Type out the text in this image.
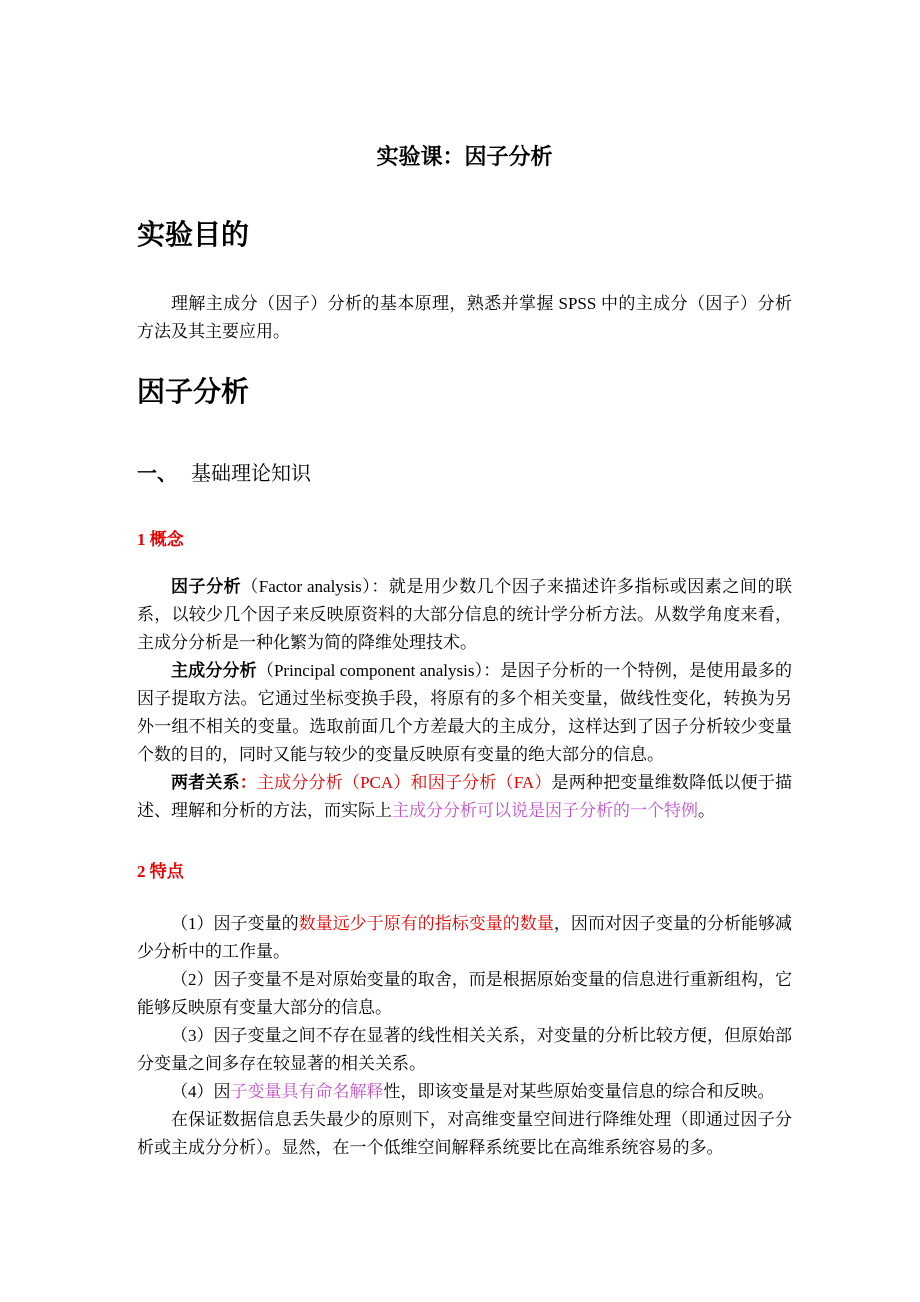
实验课：因子分析
实验目的

理解主成分（因子）分析的基本原理，熟悉并掌握 SPSS 中的主成分（因子）分析方法及其主要应用。

因子分析
一、 基础理论知识
1 概念

因子分析（Factor analysis）：就是用少数几个因子来描述许多指标或因素之间的联系，以较少几个因子来反映原资料的大部分信息的统计学分析方法。从数学角度来看，主成分分析是一种化繁为简的降维处理技术。

主成分分析（Principal component analysis）：是因子分析的一个特例，是使用最多的因子提取方法。它通过坐标变换手段，将原有的多个相关变量，做线性变化，转换为另外一组不相关的变量。选取前面几个方差最大的主成分，这样达到了因子分析较少变量个数的目的，同时又能与较少的变量反映原有变量的绝大部分的信息。

两者关系：主成分分析（PCA）和因子分析（FA）是两种把变量维数降低以便于描述、理解和分析的方法，而实际上主成分分析可以说是因子分析的一个特例。

2 特点

（1）因子变量的数量远少于原有的指标变量的数量，因而对因子变量的分析能够减少分析中的工作量。

（2）因子变量不是对原始变量的取舍，而是根据原始变量的信息进行重新组构，它能够反映原有变量大部分的信息。

（3）因子变量之间不存在显著的线性相关关系，对变量的分析比较方便，但原始部分变量之间多存在较显著的相关关系。

（4）因子变量具有命名解释性，即该变量是对某些原始变量信息的综合和反映。

在保证数据信息丢失最少的原则下，对高维变量空间进行降维处理（即通过因子分析或主成分分析）。显然，在一个低维空间解释系统要比在高维系统容易的多。
